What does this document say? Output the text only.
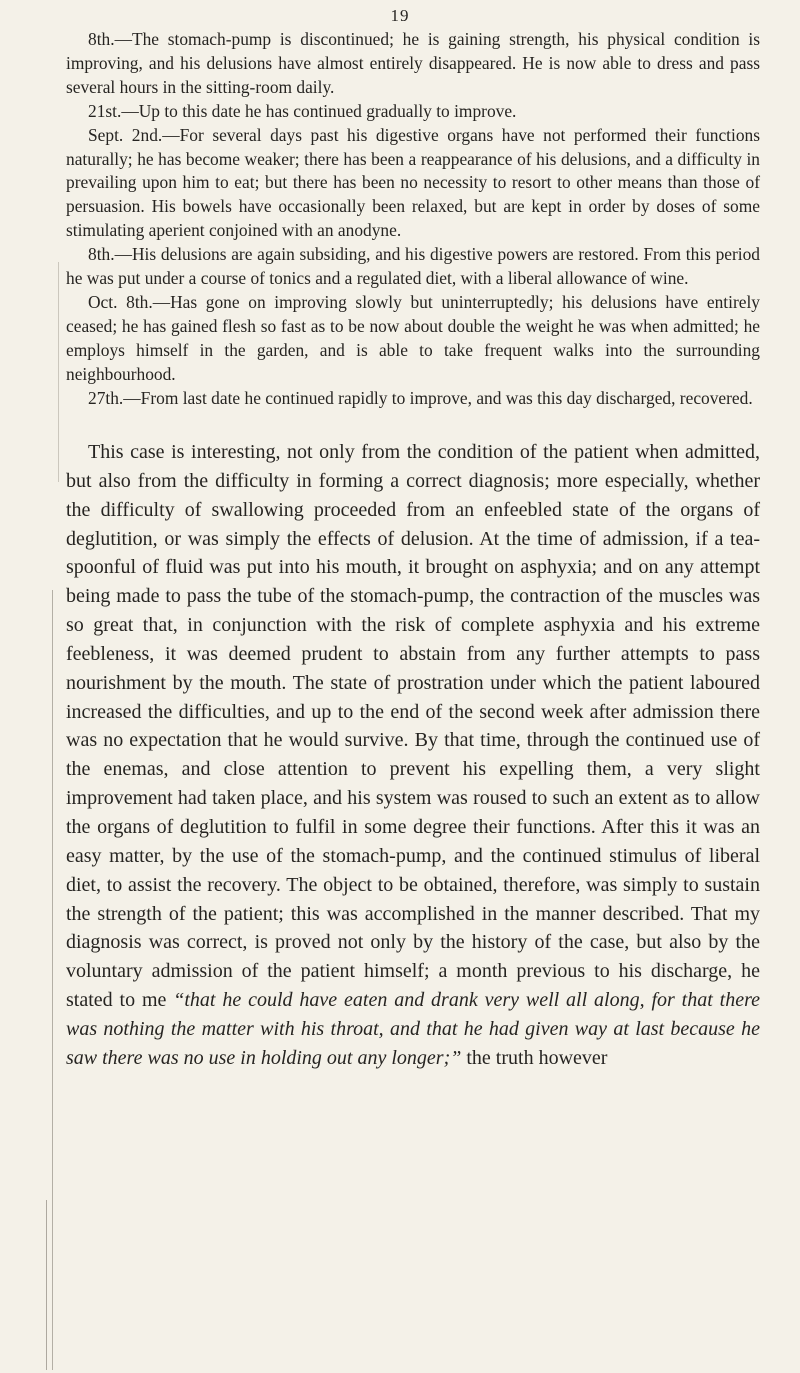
19

8th.—The stomach-pump is discontinued; he is gaining strength, his physical condition is improving, and his delusions have almost entirely disappeared. He is now able to dress and pass several hours in the sitting-room daily.

21st.—Up to this date he has continued gradually to improve.

Sept. 2nd.—For several days past his digestive organs have not performed their functions naturally; he has become weaker; there has been a reappearance of his delusions, and a difficulty in prevailing upon him to eat; but there has been no necessity to resort to other means than those of persuasion. His bowels have occasionally been relaxed, but are kept in order by doses of some stimulating aperient conjoined with an anodyne.

8th.—His delusions are again subsiding, and his digestive powers are restored. From this period he was put under a course of tonics and a regulated diet, with a liberal allowance of wine.

Oct. 8th.—Has gone on improving slowly but uninterruptedly; his delusions have entirely ceased; he has gained flesh so fast as to be now about double the weight he was when admitted; he employs himself in the garden, and is able to take frequent walks into the surrounding neighbourhood.

27th.—From last date he continued rapidly to improve, and was this day discharged, recovered.

This case is interesting, not only from the condition of the patient when admitted, but also from the difficulty in forming a correct diagnosis; more especially, whether the difficulty of swallowing proceeded from an enfeebled state of the organs of deglutition, or was simply the effects of delusion. At the time of admission, if a tea-spoonful of fluid was put into his mouth, it brought on asphyxia; and on any attempt being made to pass the tube of the stomach-pump, the contraction of the muscles was so great that, in conjunction with the risk of complete asphyxia and his extreme feebleness, it was deemed prudent to abstain from any further attempts to pass nourishment by the mouth. The state of prostration under which the patient laboured increased the difficulties, and up to the end of the second week after admission there was no expectation that he would survive. By that time, through the continued use of the enemas, and close attention to prevent his expelling them, a very slight improvement had taken place, and his system was roused to such an extent as to allow the organs of deglutition to fulfil in some degree their functions. After this it was an easy matter, by the use of the stomach-pump, and the continued stimulus of liberal diet, to assist the recovery. The object to be obtained, therefore, was simply to sustain the strength of the patient; this was accomplished in the manner described. That my diagnosis was correct, is proved not only by the history of the case, but also by the voluntary admission of the patient himself; a month previous to his discharge, he stated to me “that he could have eaten and drank very well all along, for that there was nothing the matter with his throat, and that he had given way at last because he saw there was no use in holding out any longer;” the truth however
